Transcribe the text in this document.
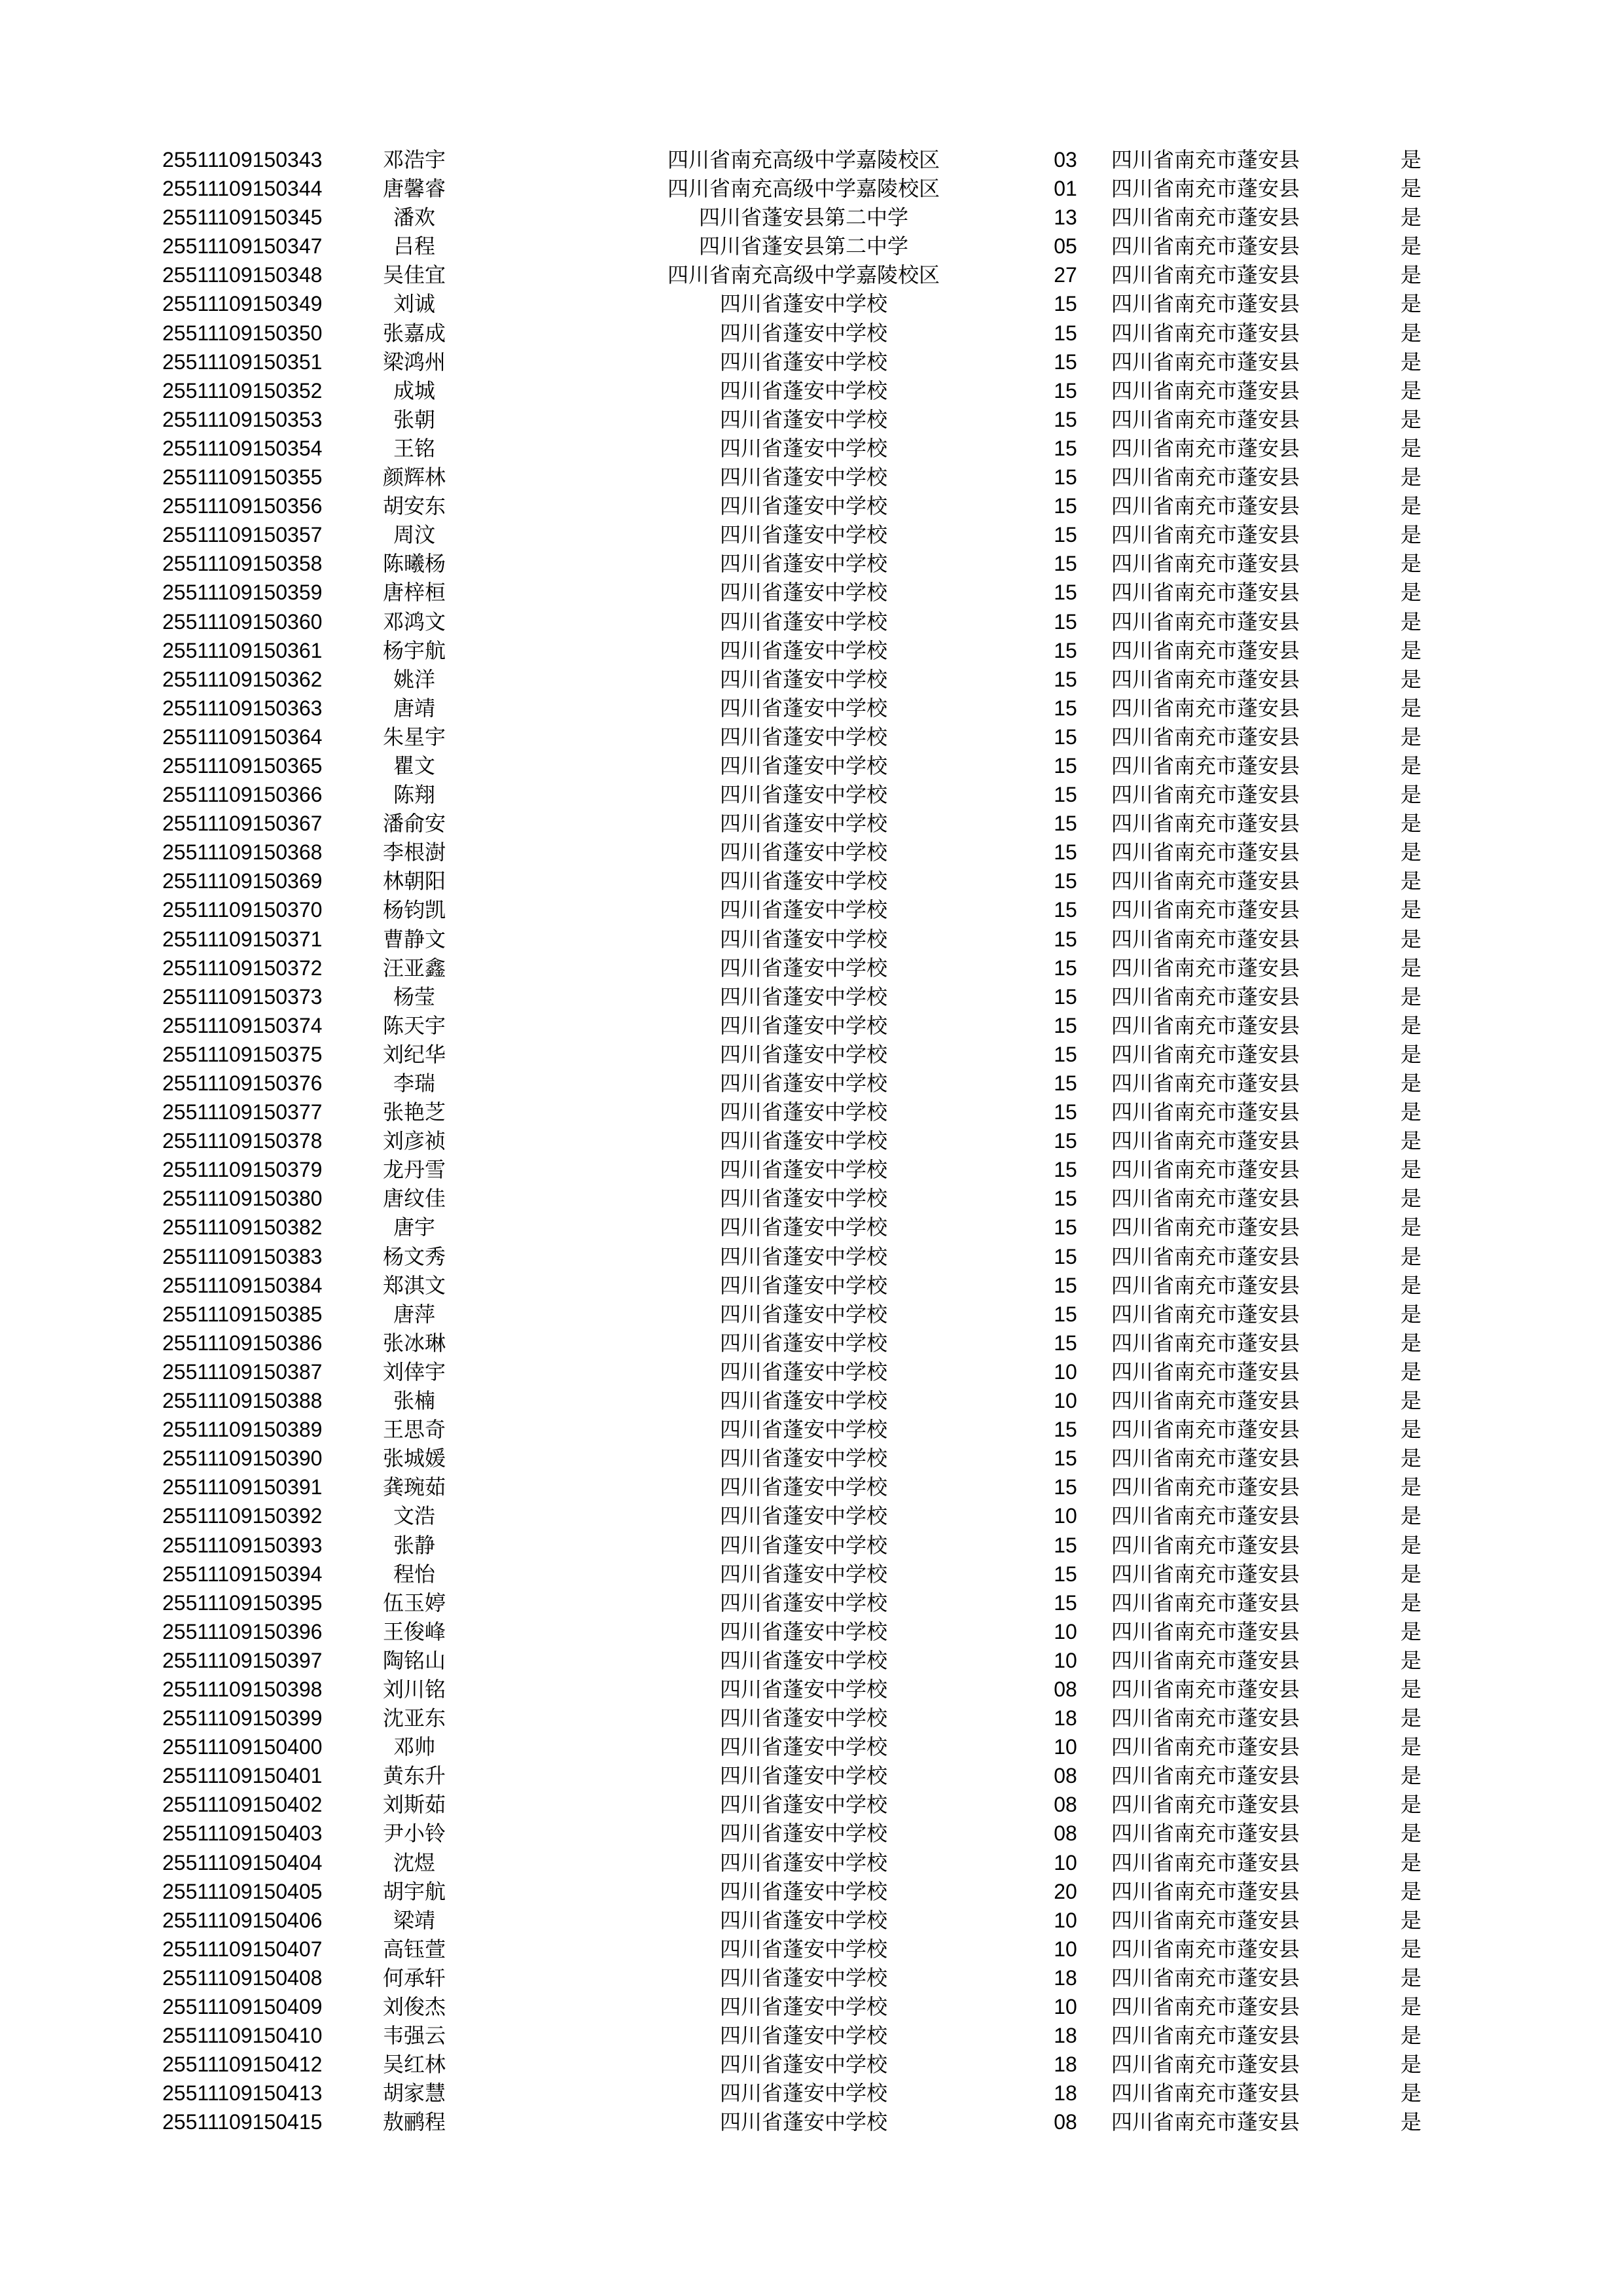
25511109150343	邓浩宇	四川省南充高级中学嘉陵校区	03	四川省南充市蓬安县	是
25511109150344	唐馨睿	四川省南充高级中学嘉陵校区	01	四川省南充市蓬安县	是
25511109150345	潘欢	四川省蓬安县第二中学	13	四川省南充市蓬安县	是
25511109150347	吕程	四川省蓬安县第二中学	05	四川省南充市蓬安县	是
25511109150348	吴佳宜	四川省南充高级中学嘉陵校区	27	四川省南充市蓬安县	是
25511109150349	刘诚	四川省蓬安中学校	15	四川省南充市蓬安县	是
25511109150350	张嘉成	四川省蓬安中学校	15	四川省南充市蓬安县	是
25511109150351	梁鸿州	四川省蓬安中学校	15	四川省南充市蓬安县	是
25511109150352	成城	四川省蓬安中学校	15	四川省南充市蓬安县	是
25511109150353	张朝	四川省蓬安中学校	15	四川省南充市蓬安县	是
25511109150354	王铭	四川省蓬安中学校	15	四川省南充市蓬安县	是
25511109150355	颜辉林	四川省蓬安中学校	15	四川省南充市蓬安县	是
25511109150356	胡安东	四川省蓬安中学校	15	四川省南充市蓬安县	是
25511109150357	周汶	四川省蓬安中学校	15	四川省南充市蓬安县	是
25511109150358	陈曦杨	四川省蓬安中学校	15	四川省南充市蓬安县	是
25511109150359	唐梓桓	四川省蓬安中学校	15	四川省南充市蓬安县	是
25511109150360	邓鸿文	四川省蓬安中学校	15	四川省南充市蓬安县	是
25511109150361	杨宇航	四川省蓬安中学校	15	四川省南充市蓬安县	是
25511109150362	姚洋	四川省蓬安中学校	15	四川省南充市蓬安县	是
25511109150363	唐靖	四川省蓬安中学校	15	四川省南充市蓬安县	是
25511109150364	朱星宇	四川省蓬安中学校	15	四川省南充市蓬安县	是
25511109150365	瞿文	四川省蓬安中学校	15	四川省南充市蓬安县	是
25511109150366	陈翔	四川省蓬安中学校	15	四川省南充市蓬安县	是
25511109150367	潘俞安	四川省蓬安中学校	15	四川省南充市蓬安县	是
25511109150368	李根澍	四川省蓬安中学校	15	四川省南充市蓬安县	是
25511109150369	林朝阳	四川省蓬安中学校	15	四川省南充市蓬安县	是
25511109150370	杨钧凯	四川省蓬安中学校	15	四川省南充市蓬安县	是
25511109150371	曹静文	四川省蓬安中学校	15	四川省南充市蓬安县	是
25511109150372	汪亚鑫	四川省蓬安中学校	15	四川省南充市蓬安县	是
25511109150373	杨莹	四川省蓬安中学校	15	四川省南充市蓬安县	是
25511109150374	陈天宇	四川省蓬安中学校	15	四川省南充市蓬安县	是
25511109150375	刘纪华	四川省蓬安中学校	15	四川省南充市蓬安县	是
25511109150376	李瑞	四川省蓬安中学校	15	四川省南充市蓬安县	是
25511109150377	张艳芝	四川省蓬安中学校	15	四川省南充市蓬安县	是
25511109150378	刘彦祯	四川省蓬安中学校	15	四川省南充市蓬安县	是
25511109150379	龙丹雪	四川省蓬安中学校	15	四川省南充市蓬安县	是
25511109150380	唐纹佳	四川省蓬安中学校	15	四川省南充市蓬安县	是
25511109150382	唐宇	四川省蓬安中学校	15	四川省南充市蓬安县	是
25511109150383	杨文秀	四川省蓬安中学校	15	四川省南充市蓬安县	是
25511109150384	郑淇文	四川省蓬安中学校	15	四川省南充市蓬安县	是
25511109150385	唐萍	四川省蓬安中学校	15	四川省南充市蓬安县	是
25511109150386	张冰琳	四川省蓬安中学校	15	四川省南充市蓬安县	是
25511109150387	刘倖宇	四川省蓬安中学校	10	四川省南充市蓬安县	是
25511109150388	张楠	四川省蓬安中学校	10	四川省南充市蓬安县	是
25511109150389	王思奇	四川省蓬安中学校	15	四川省南充市蓬安县	是
25511109150390	张城媛	四川省蓬安中学校	15	四川省南充市蓬安县	是
25511109150391	龚琬茹	四川省蓬安中学校	15	四川省南充市蓬安县	是
25511109150392	文浩	四川省蓬安中学校	10	四川省南充市蓬安县	是
25511109150393	张静	四川省蓬安中学校	15	四川省南充市蓬安县	是
25511109150394	程怡	四川省蓬安中学校	15	四川省南充市蓬安县	是
25511109150395	伍玉婷	四川省蓬安中学校	15	四川省南充市蓬安县	是
25511109150396	王俊峰	四川省蓬安中学校	10	四川省南充市蓬安县	是
25511109150397	陶铭山	四川省蓬安中学校	10	四川省南充市蓬安县	是
25511109150398	刘川铭	四川省蓬安中学校	08	四川省南充市蓬安县	是
25511109150399	沈亚东	四川省蓬安中学校	18	四川省南充市蓬安县	是
25511109150400	邓帅	四川省蓬安中学校	10	四川省南充市蓬安县	是
25511109150401	黄东升	四川省蓬安中学校	08	四川省南充市蓬安县	是
25511109150402	刘斯茹	四川省蓬安中学校	08	四川省南充市蓬安县	是
25511109150403	尹小铃	四川省蓬安中学校	08	四川省南充市蓬安县	是
25511109150404	沈煜	四川省蓬安中学校	10	四川省南充市蓬安县	是
25511109150405	胡宇航	四川省蓬安中学校	20	四川省南充市蓬安县	是
25511109150406	梁靖	四川省蓬安中学校	10	四川省南充市蓬安县	是
25511109150407	高钰萱	四川省蓬安中学校	10	四川省南充市蓬安县	是
25511109150408	何承轩	四川省蓬安中学校	18	四川省南充市蓬安县	是
25511109150409	刘俊杰	四川省蓬安中学校	10	四川省南充市蓬安县	是
25511109150410	韦强云	四川省蓬安中学校	18	四川省南充市蓬安县	是
25511109150412	吴红林	四川省蓬安中学校	18	四川省南充市蓬安县	是
25511109150413	胡家慧	四川省蓬安中学校	18	四川省南充市蓬安县	是
25511109150415	敖鹂程	四川省蓬安中学校	08	四川省南充市蓬安县	是
